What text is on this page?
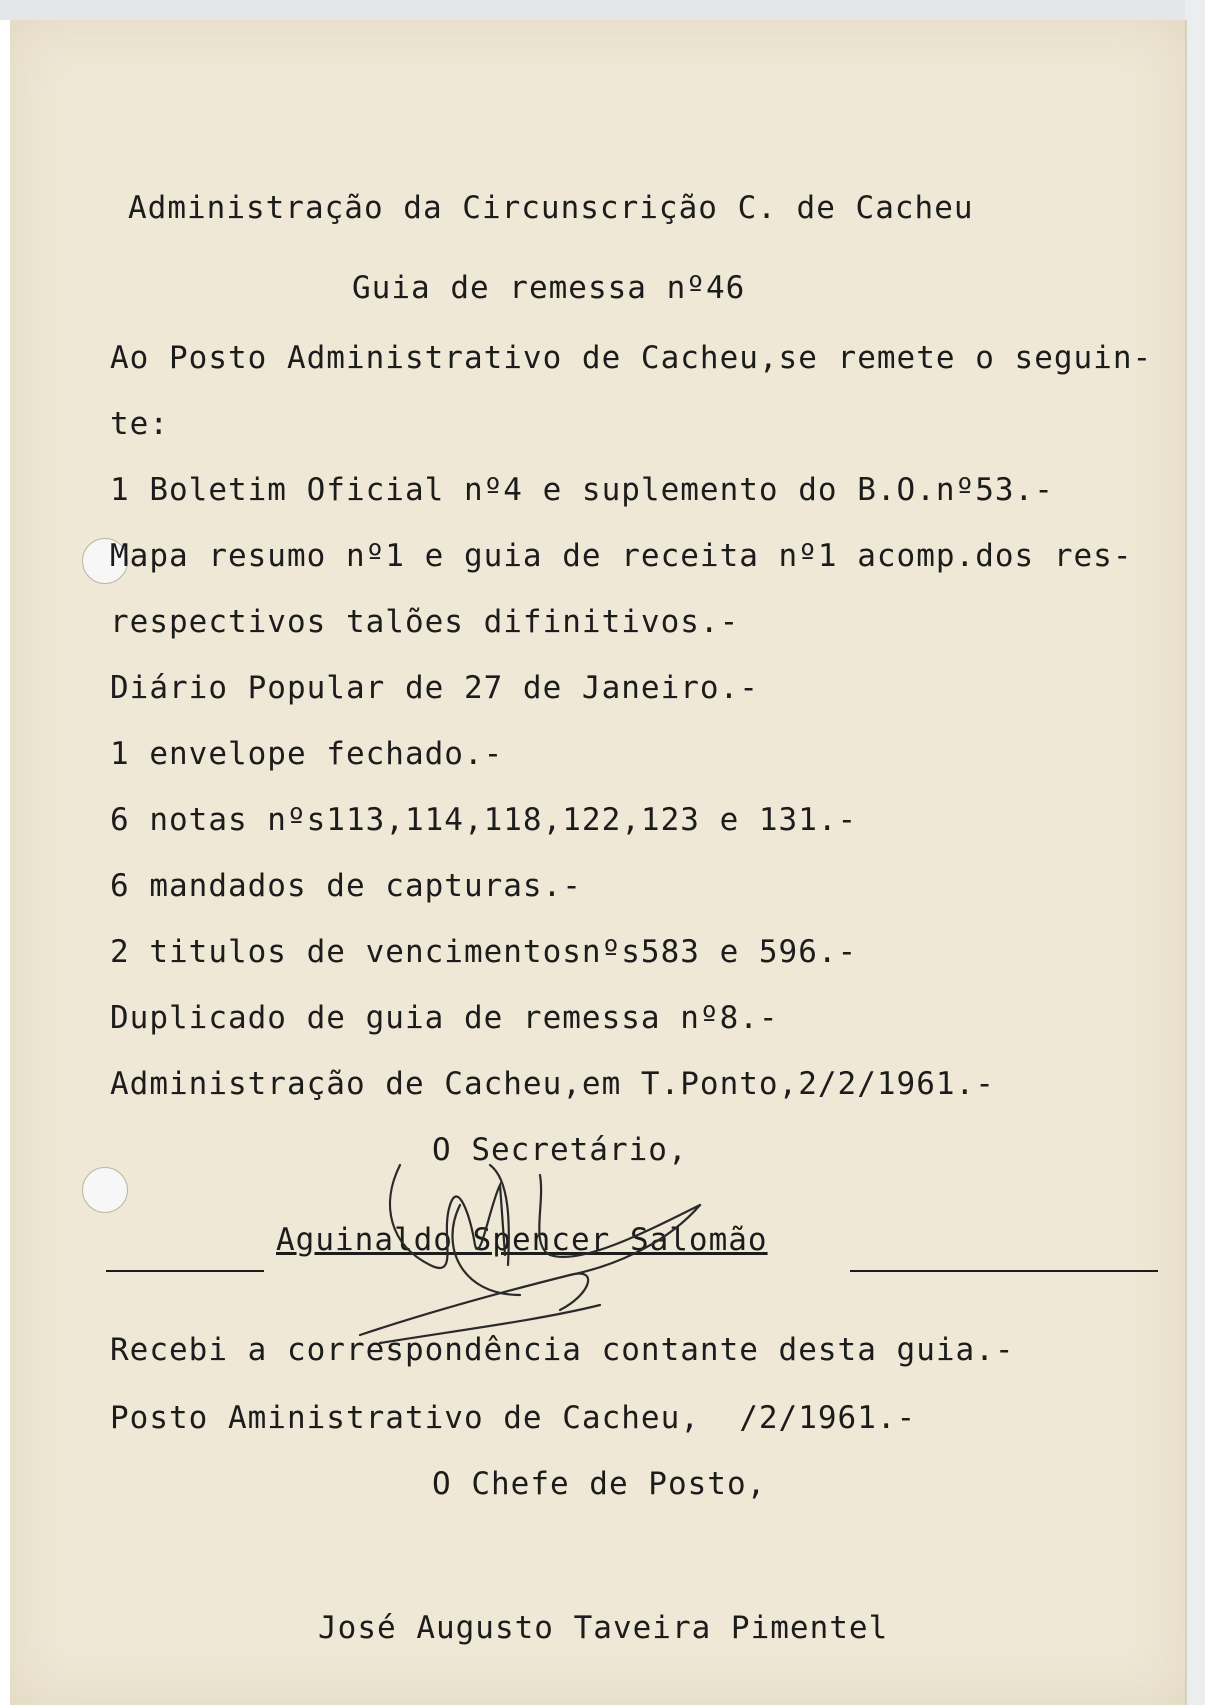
Administração da Circunscrição C. de Cacheu
Guia de remessa nº46
Ao Posto Administrativo de Cacheu,se remete o seguin-
te:
1 Boletim Oficial nº4 e suplemento do B.O.nº53.-
Mapa resumo nº1 e guia de receita nº1 acomp.dos res-
respectivos talões difinitivos.-
Diário Popular de 27 de Janeiro.-
1 envelope fechado.-
6 notas nºs113,114,118,122,123 e 131.-
6 mandados de capturas.-
2 titulos de vencimentosnºs583 e 596.-
Duplicado de guia de remessa nº8.-
Administração de Cacheu,em T.Ponto,2/2/1961.-
O Secretário,
Aguinaldo Spencer Salomão
Recebi a correspondência contante desta guia.-
Posto Aministrativo de Cacheu,  /2/1961.-
O Chefe de Posto,
José Augusto Taveira Pimentel
